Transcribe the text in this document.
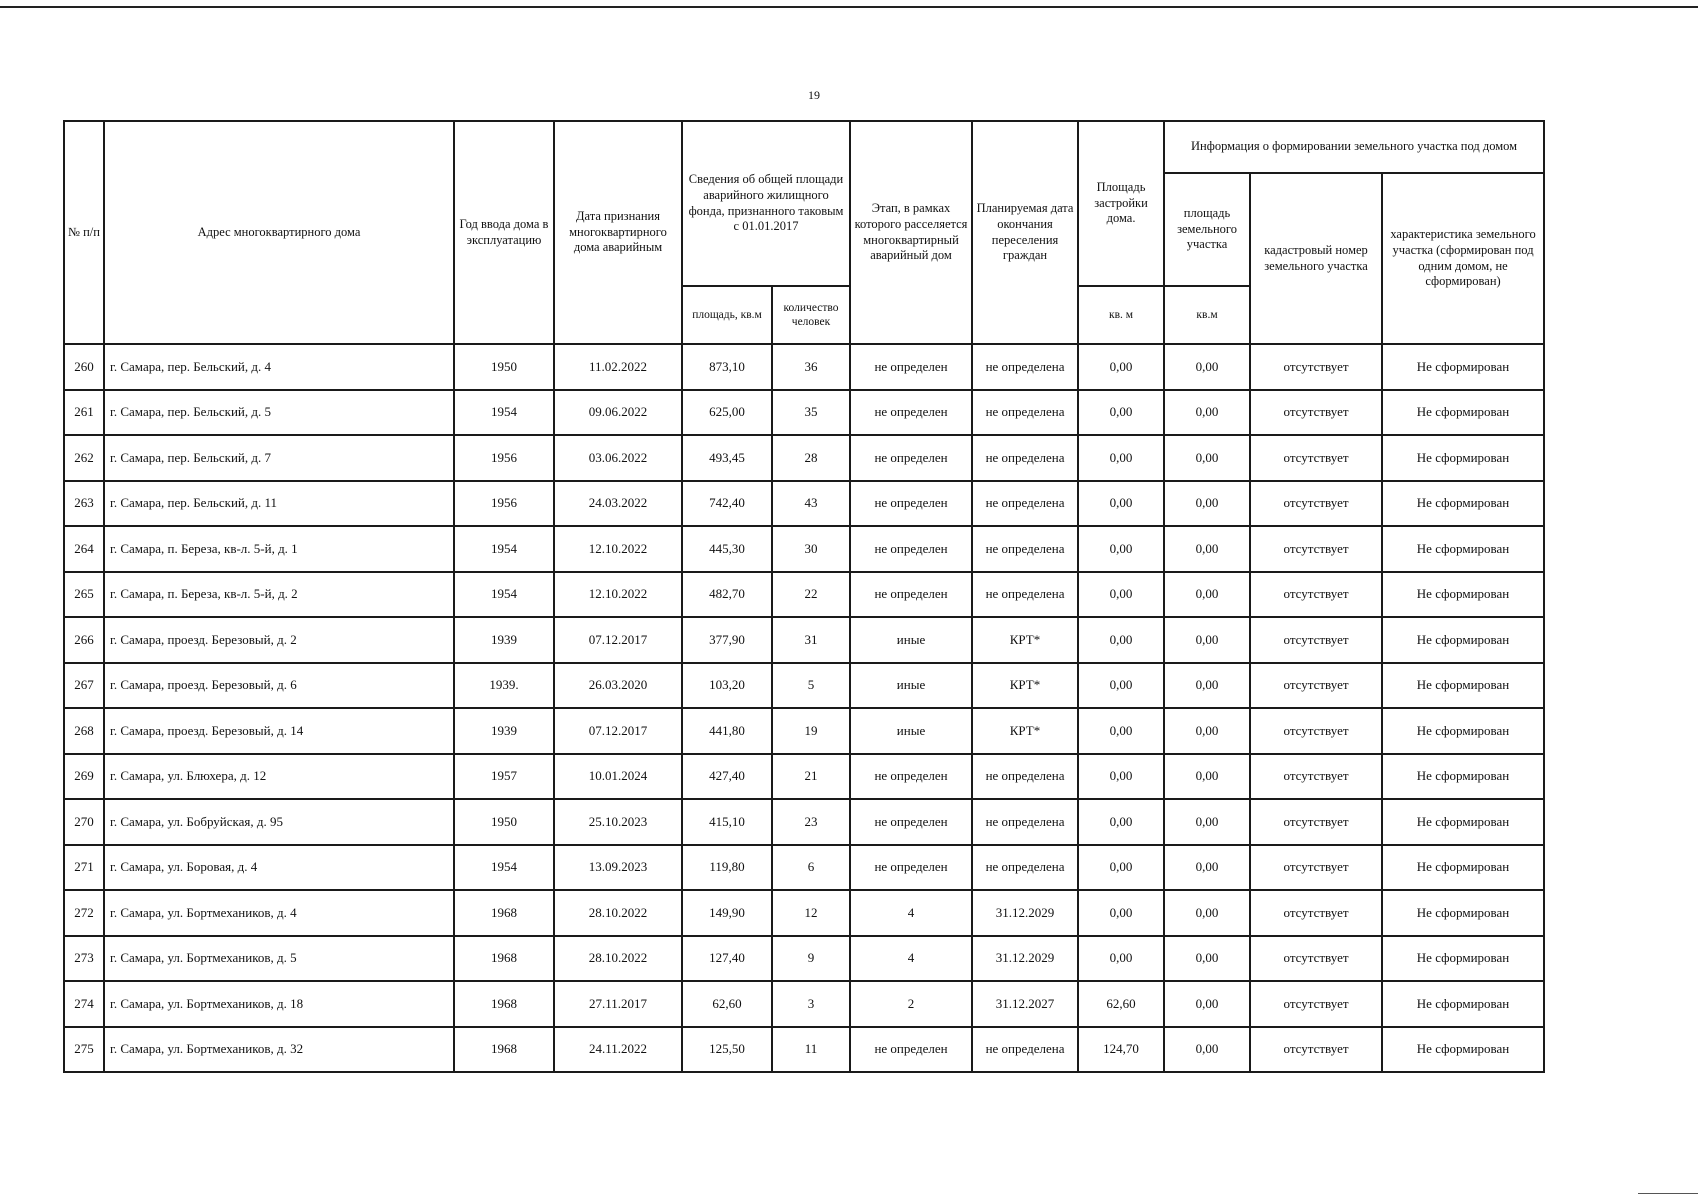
19
№ п/п	Адрес многоквартирного дома	Год ввода дома в эксплуатацию	Дата признания многоквартирного дома аварийным	Сведения об общей площади аварийного жилищного фонда, признанного таковым с 01.01.2017		Этап, в рамках которого расселяется многоквартирный аварийный дом	Планируемая дата окончания переселения граждан	Площадь застройки дома.	Информация о формировании земельного участка под домом		
									площадь земельного участка	кадастровый номер земельного участка	характеристика земельного участка (сформирован под одним домом, не сформирован)
				площадь, кв.м	количество человек			кв. м	кв.м		
260	г. Самара, пер. Бельский, д. 4	1950	11.02.2022	873,10	36	не определен	не определена	0,00	0,00	отсутствует	Не сформирован
261	г. Самара, пер. Бельский, д. 5	1954	09.06.2022	625,00	35	не определен	не определена	0,00	0,00	отсутствует	Не сформирован
262	г. Самара, пер. Бельский, д. 7	1956	03.06.2022	493,45	28	не определен	не определена	0,00	0,00	отсутствует	Не сформирован
263	г. Самара, пер. Бельский, д. 11	1956	24.03.2022	742,40	43	не определен	не определена	0,00	0,00	отсутствует	Не сформирован
264	г. Самара, п. Береза, кв-л. 5-й, д. 1	1954	12.10.2022	445,30	30	не определен	не определена	0,00	0,00	отсутствует	Не сформирован
265	г. Самара, п. Береза, кв-л. 5-й, д. 2	1954	12.10.2022	482,70	22	не определен	не определена	0,00	0,00	отсутствует	Не сформирован
266	г. Самара, проезд. Березовый, д. 2	1939	07.12.2017	377,90	31	иные	КРТ*	0,00	0,00	отсутствует	Не сформирован
267	г. Самара, проезд. Березовый, д. 6	1939.	26.03.2020	103,20	5	иные	КРТ*	0,00	0,00	отсутствует	Не сформирован
268	г. Самара, проезд. Березовый, д. 14	1939	07.12.2017	441,80	19	иные	КРТ*	0,00	0,00	отсутствует	Не сформирован
269	г. Самара, ул. Блюхера, д. 12	1957	10.01.2024	427,40	21	не определен	не определена	0,00	0,00	отсутствует	Не сформирован
270	г. Самара, ул. Бобруйская, д. 95	1950	25.10.2023	415,10	23	не определен	не определена	0,00	0,00	отсутствует	Не сформирован
271	г. Самара, ул. Боровая, д. 4	1954	13.09.2023	119,80	6	не определен	не определена	0,00	0,00	отсутствует	Не сформирован
272	г. Самара, ул. Бортмехаников, д. 4	1968	28.10.2022	149,90	12	4	31.12.2029	0,00	0,00	отсутствует	Не сформирован
273	г. Самара, ул. Бортмехаников, д. 5	1968	28.10.2022	127,40	9	4	31.12.2029	0,00	0,00	отсутствует	Не сформирован
274	г. Самара, ул. Бортмехаников, д. 18	1968	27.11.2017	62,60	3	2	31.12.2027	62,60	0,00	отсутствует	Не сформирован
275	г. Самара, ул. Бортмехаников, д. 32	1968	24.11.2022	125,50	11	не определен	не определена	124,70	0,00	отсутствует	Не сформирован
